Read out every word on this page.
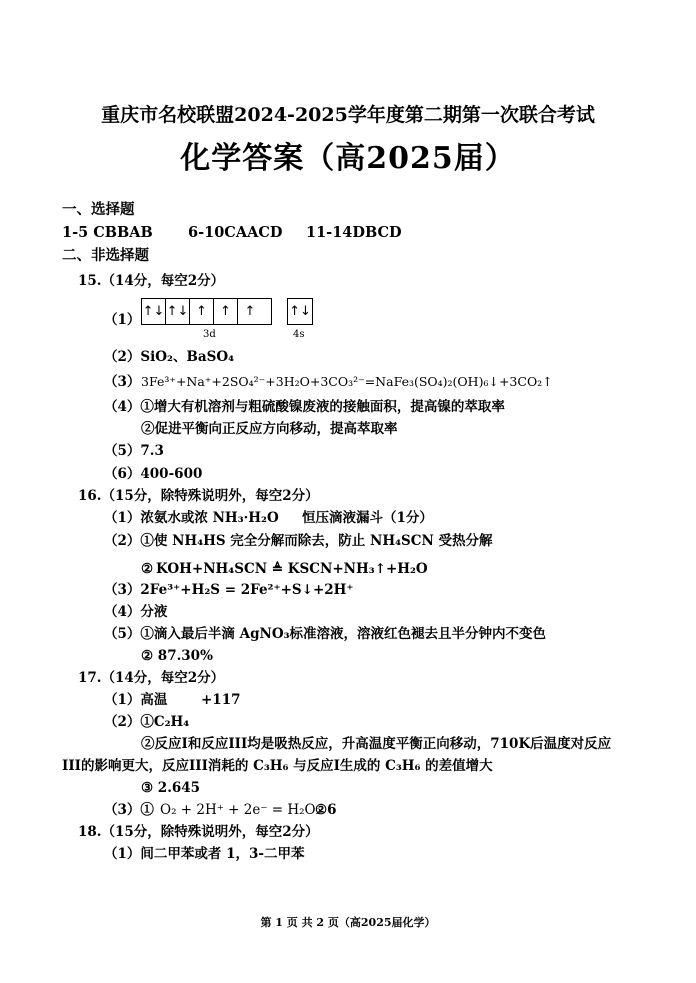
重庆市名校联盟2024-2025学年度第二期第一次联合考试
化学答案（高2025届）
一、选择题
1-5 CBBAB 6-10CAACD 11-14DBCD
二、非选择题
15.（14分，每空2分）
（1）
↑↓ ↑↓ ↑	↑	↑	↑↓
3d	4s
（2）SiO₂、BaSO₄
（3） 3Fe³⁺+Na⁺+2SO₄²⁻+3H₂O+3CO₃²⁻=NaFe₃(SO₄)₂(OH)₆↓+3CO₂↑
（4）①增大有机溶剂与粗硫酸镍废液的接触面积，提高镍的萃取率
②促进平衡向正反应方向移动，提高萃取率
（5）7.3
（6）400-600
16.（15分，除特殊说明外，每空2分）
（1）浓氨水或浓 NH₃·H₂O 恒压滴液漏斗（1分）
（2）①使 NH₄HS 完全分解而除去，防止 NH₄SCN 受热分解
② KOH+NH₄SCN ≜ KSCN+NH₃↑+H₂O
（3）2Fe³⁺+H₂S = 2Fe²⁺+S↓+2H⁺
（4）分液
（5）①滴入最后半滴 AgNO₃标准溶液，溶液红色褪去且半分钟内不变色
② 87.30%
17.（14分，每空2分）
（1）高温 +117
（2）①C₂H₄
②反应I和反应III均是吸热反应，升高温度平衡正向移动，710K后温度对反应
III的影响更大，反应III消耗的 C₃H₆ 与反应I生成的 C₃H₆ 的差值增大
③ 2.645
（3）① O₂ + 2H⁺ + 2e⁻ = H₂O₂
②6
18.（15分，除特殊说明外，每空2分）
（1）间二甲苯或者 1，3-二甲苯
第 1 页 共 2 页（高2025届化学）
